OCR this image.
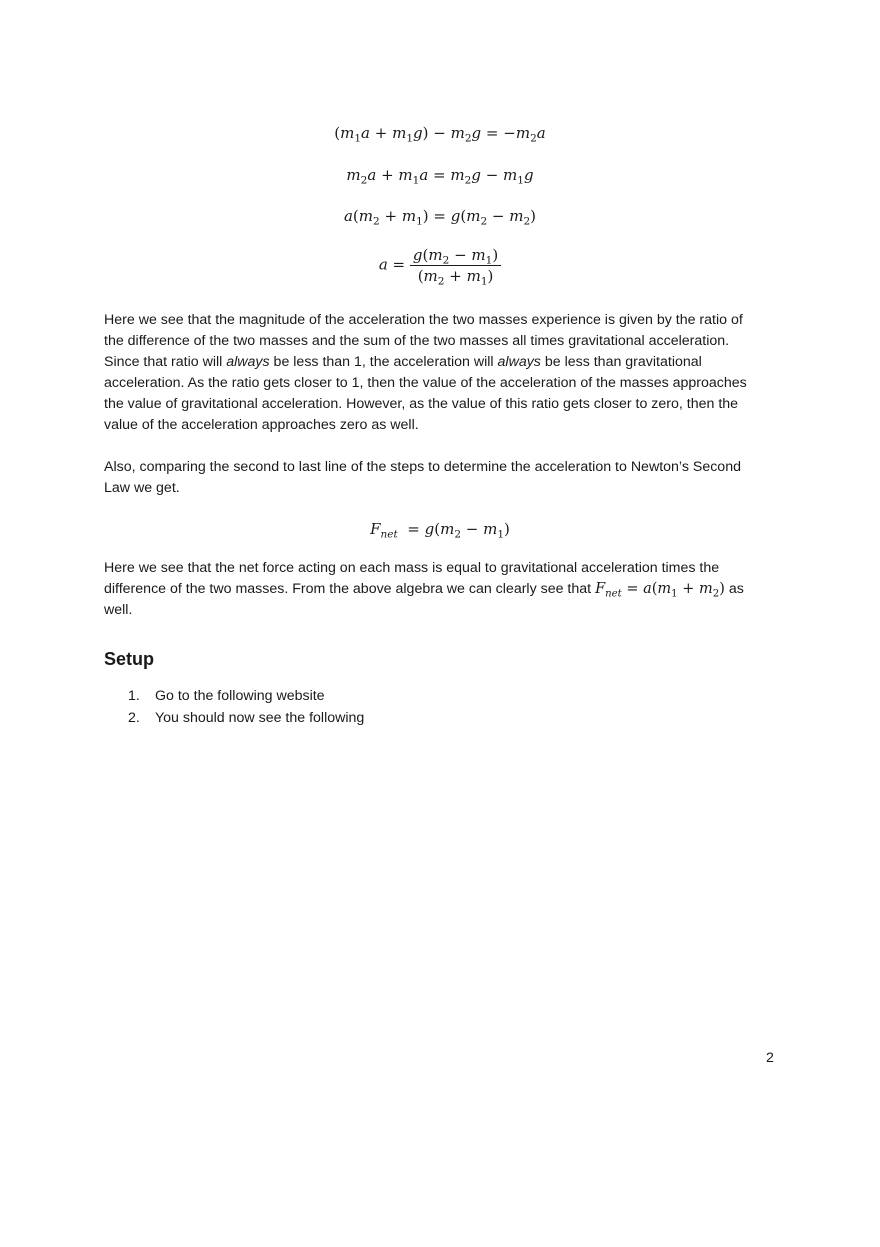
$(m_1a + m_1g) - m_2g = -m_2a$
$m_2a + m_1a = m_2g - m_1g$
$a(m_2 + m_1) = g(m_2 - m_2)$
$a = \frac{g(m_2 - m_1)}{(m_2 + m_1)}$

Here we see that the magnitude of the acceleration the two masses experience is given by the ratio of
the difference of the two masses and the sum of the two masses all times gravitational acceleration.
Since that ratio will always be less than 1, the acceleration will always be less than gravitational
acceleration. As the ratio gets closer to 1, then the value of the acceleration of the masses approaches
the value of gravitational acceleration. However, as the value of this ratio gets closer to zero, then the
value of the acceleration approaches zero as well.

Also, comparing the second to last line of the steps to determine the acceleration to Newton’s Second
Law we get.

$F_{net} = g(m_2 - m_1)$

Here we see that the net force acting on each mass is equal to gravitational acceleration times the
difference of the two masses. From the above algebra we can clearly see that $F_{net} = a(m_1 + m_2)$ as
well.

Setup
1. Go to the following website
2. You should now see the following
2
